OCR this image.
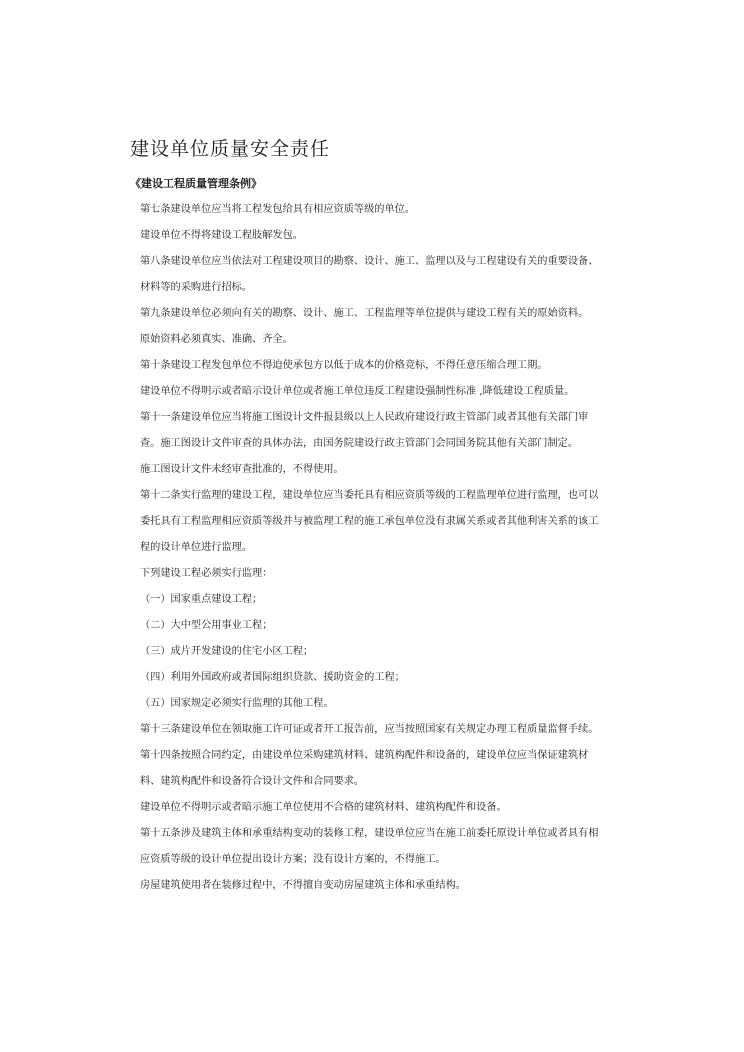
建设单位质量安全责任
《建设工程质量管理条例》

第七条建设单位应当将工程发包给具有相应资质等级的单位。

建设单位不得将建设工程肢解发包。

第八条建设单位应当依法对工程建设项目的勘察、设计、施工、监理以及与工程建设有关的重要设备、材料等的采购进行招标。

第九条建设单位必须向有关的勘察、设计、施工、工程监理等单位提供与建设工程有关的原始资料。

原始资料必须真实、准确、齐全。

第十条建设工程发包单位不得迫使承包方以低于成本的价格竞标，不得任意压缩合理工期。

建设单位不得明示或者暗示设计单位或者施工单位违反工程建设强制性标准 ,降低建设工程质量。

第十一条建设单位应当将施工图设计文件报县级以上人民政府建设行政主管部门或者其他有关部门审查。施工图设计文件审查的具体办法，由国务院建设行政主管部门会同国务院其他有关部门制定。

施工图设计文件未经审查批准的，不得使用。

第十二条实行监理的建设工程，建设单位应当委托具有相应资质等级的工程监理单位进行监理，也可以委托具有工程监理相应资质等级并与被监理工程的施工承包单位没有隶属关系或者其他利害关系的该工程的设计单位进行监理。

下列建设工程必须实行监理：

（一）国家重点建设工程；

（二）大中型公用事业工程；

（三）成片开发建设的住宅小区工程；

（四）利用外国政府或者国际组织贷款、援助资金的工程；

（五）国家规定必须实行监理的其他工程。

第十三条建设单位在领取施工许可证或者开工报告前，应当按照国家有关规定办理工程质量监督手续。

第十四条按照合同约定，由建设单位采购建筑材料、建筑构配件和设备的，建设单位应当保证建筑材料、建筑构配件和设备符合设计文件和合同要求。

建设单位不得明示或者暗示施工单位使用不合格的建筑材料、建筑构配件和设备。

第十五条涉及建筑主体和承重结构变动的装修工程，建设单位应当在施工前委托原设计单位或者具有相应资质等级的设计单位提出设计方案；没有设计方案的，不得施工。

房屋建筑使用者在装修过程中，不得擅自变动房屋建筑主体和承重结构。
